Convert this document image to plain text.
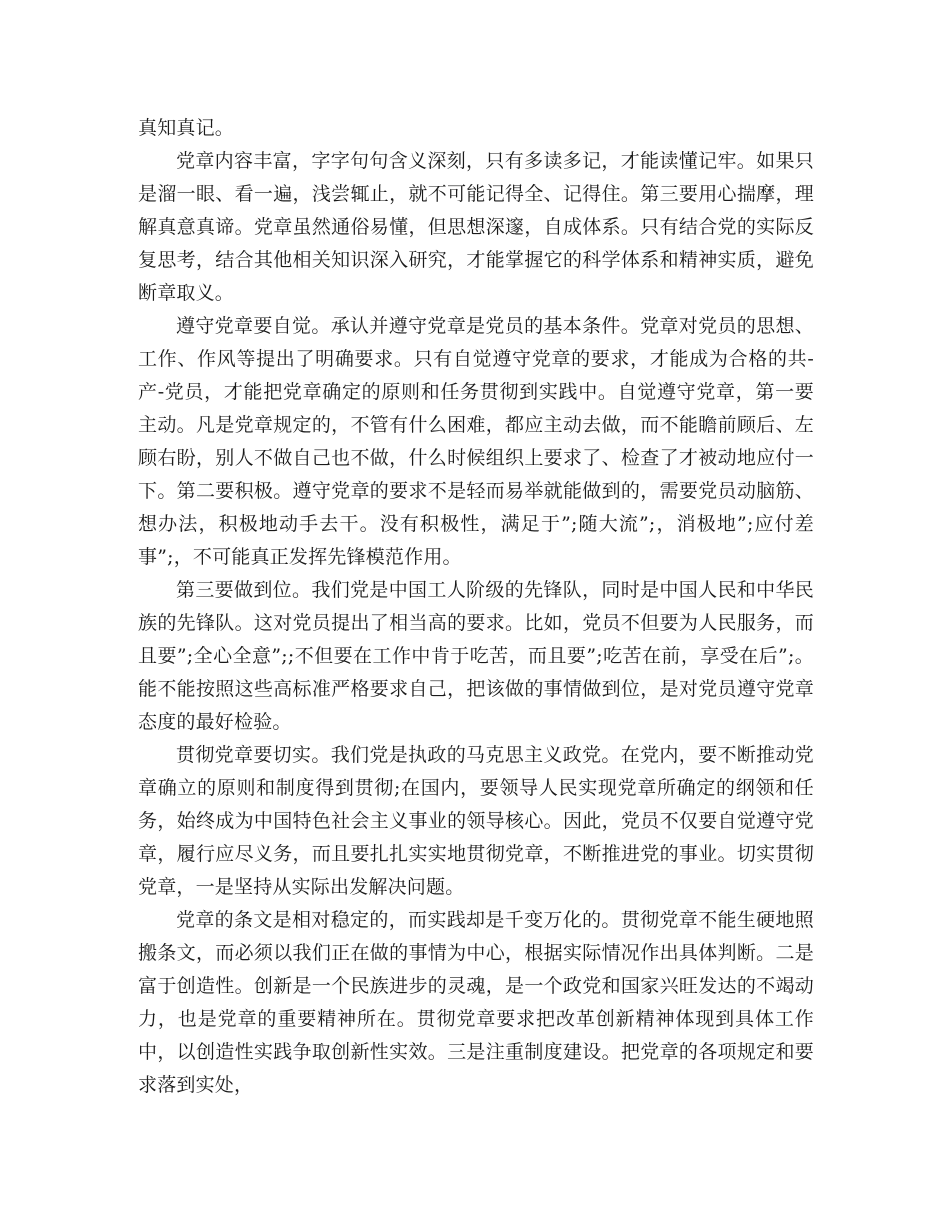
真知真记。

党章内容丰富，字字句句含义深刻，只有多读多记，才能读懂记牢。如果只是溜一眼、看一遍，浅尝辄止，就不可能记得全、记得住。第三要用心揣摩，理解真意真谛。党章虽然通俗易懂，但思想深邃，自成体系。只有结合党的实际反复思考，结合其他相关知识深入研究，才能掌握它的科学体系和精神实质，避免断章取义。

遵守党章要自觉。承认并遵守党章是党员的基本条件。党章对党员的思想、工作、作风等提出了明确要求。只有自觉遵守党章的要求，才能成为合格的共-产-党员，才能把党章确定的原则和任务贯彻到实践中。自觉遵守党章，第一要主动。凡是党章规定的，不管有什么困难，都应主动去做，而不能瞻前顾后、左顾右盼，别人不做自己也不做，什么时候组织上要求了、检查了才被动地应付一下。第二要积极。遵守党章的要求不是轻而易举就能做到的，需要党员动脑筋、想办法，积极地动手去干。没有积极性，满足于”;随大流”;，消极地”;应付差事”;，不可能真正发挥先锋模范作用。

第三要做到位。我们党是中国工人阶级的先锋队，同时是中国人民和中华民族的先锋队。这对党员提出了相当高的要求。比如，党员不但要为人民服务，而且要”;全心全意”;;不但要在工作中肯于吃苦，而且要”;吃苦在前，享受在后”;。能不能按照这些高标准严格要求自己，把该做的事情做到位，是对党员遵守党章态度的最好检验。

贯彻党章要切实。我们党是执政的马克思主义政党。在党内，要不断推动党章确立的原则和制度得到贯彻;在国内，要领导人民实现党章所确定的纲领和任务，始终成为中国特色社会主义事业的领导核心。因此，党员不仅要自觉遵守党章，履行应尽义务，而且要扎扎实实地贯彻党章，不断推进党的事业。切实贯彻党章，一是坚持从实际出发解决问题。

党章的条文是相对稳定的，而实践却是千变万化的。贯彻党章不能生硬地照搬条文，而必须以我们正在做的事情为中心，根据实际情况作出具体判断。二是富于创造性。创新是一个民族进步的灵魂，是一个政党和国家兴旺发达的不竭动力，也是党章的重要精神所在。贯彻党章要求把改革创新精神体现到具体工作中，以创造性实践争取创新性实效。三是注重制度建设。把党章的各项规定和要求落到实处，
